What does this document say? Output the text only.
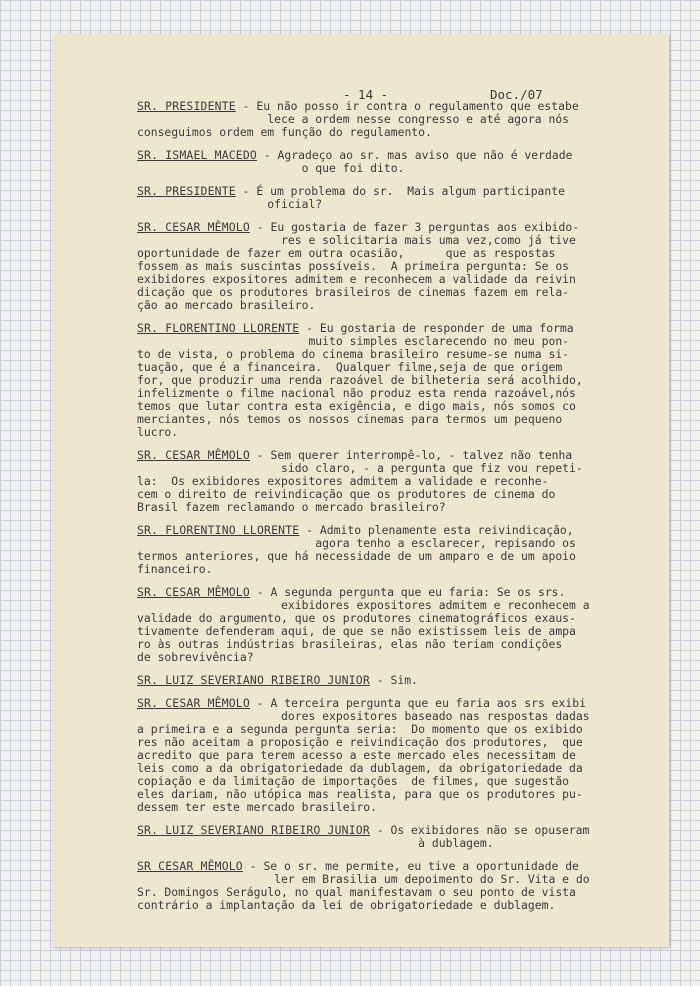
- 14 -	Doc./07
SR. PRESIDENTE - Eu não posso ir contra o regulamento que estabe
lece a ordem nesse congresso e até agora nós
conseguimos ordem em função do regulamento.
SR. ISMAEL MACEDO - Agradeço ao sr. mas aviso que não é verdade
o que foi dito.
SR. PRESIDENTE - É um problema do sr.  Mais algum participante
oficial?
SR. CESAR MÊMOLO - Eu gostaria de fazer 3 perguntas aos exibido-
res e solicitaria mais uma vez,como já tive
oportunidade de fazer em outra ocasião,      que as respostas
fossem as mais suscintas possíveis.  A primeira pergunta: Se os
exibidores expositores admitem e reconhecem a validade da reivin
dicação que os produtores brasileiros de cinemas fazem em rela-
ção ao mercado brasileiro.
SR. FLORENTINO LLORENTE - Eu gostaria de responder de uma forma
muito simples esclarecendo no meu pon-
to de vista, o problema do cinema brasileiro resume-se numa si-
tuação, que é a financeira.  Qualquer filme,seja de que origem
for, que produzir uma renda razoável de bilheteria será acolhido,
infelizmente o filme nacional não produz esta renda razoável,nós
temos que lutar contra esta exigência, e digo mais, nós somos co
merciantes, nós temos os nossos cinemas para termos um pequeno
lucro.
SR. CESAR MÊMOLO - Sem querer interrompê-lo, - talvez não tenha
sido claro, - a pergunta que fiz vou repeti-
la:  Os exibidores expositores admitem a validade e reconhe-
cem o direito de reivindicação que os produtores de cinema do
Brasil fazem reclamando o mercado brasileiro?
SR. FLORENTINO LLORENTE - Admito plenamente esta reivindicação,
agora tenho a esclarecer, repisando os
termos anteriores, que há necessidade de um amparo e de um apoio
financeiro.
SR. CESAR MÊMOLO - A segunda pergunta que eu faria: Se os srs.
exibidores expositores admitem e reconhecem a
validade do argumento, que os produtores cinematográficos exaus-
tivamente defenderam aqui, de que se não existissem leis de ampa
ro às outras indústrias brasileiras, elas não teriam condições
de sobrevivência?
SR. LUIZ SEVERIANO RIBEIRO JUNIOR - Sim.
SR. CESAR MÊMOLO - A terceira pergunta que eu faria aos srs exibi
dores expositores baseado nas respostas dadas
a primeira e a segunda pergunta seria:  Do momento que os exibido
res não aceitam a proposição e reivindicação dos produtores,  que
acredito que para terem acesso a este mercado eles necessitam de
leis como a da obrigatoriedade da dublagem, da obrigatoriedade da
copiação e da limitação de importações  de filmes, que sugestão
eles dariam, não utópica mas realista, para que os produtores pu-
dessem ter este mercado brasileiro.
SR. LUIZ SEVERIANO RIBEIRO JUNIOR - Os exibidores não se opuseram
à dublagem.
SR CESAR MÊMOLO - Se o sr. me permite, eu tive a oportunidade de
ler em Brasilia um depoimento do Sr. Vita e do
Sr. Domingos Serágulo, no qual manifestavam o seu ponto de vista
contrário a implantação da lei de obrigatoriedade e dublagem.
